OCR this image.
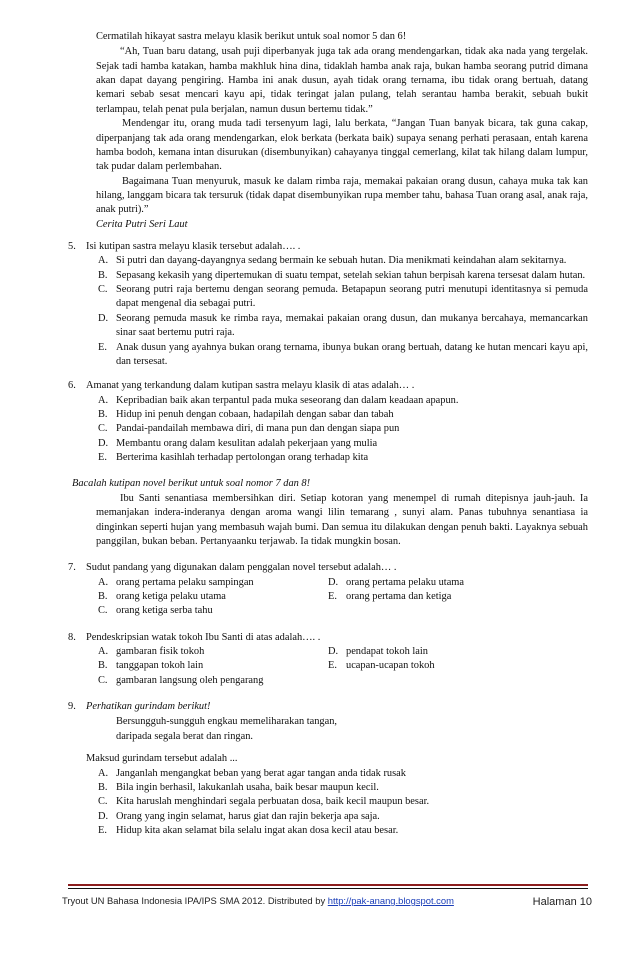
Cermatilah hikayat sastra melayu klasik berikut untuk soal nomor 5 dan 6!

“Ah, Tuan baru datang, usah puji diperbanyak juga tak ada orang mendengarkan, tidak aka nada yang tergelak. Sejak tadi hamba katakan, hamba makhluk hina dina, tidaklah hamba anak raja, bukan hamba seorang putrid dimana akan dapat dayang pengiring. Hamba ini anak dusun, ayah tidak orang ternama, ibu tidak orang bertuah, datang kemari sebab sesat mencari kayu api, tidak teringat jalan pulang, telah serantau hamba berakit, sebuah bukit terlampau, telah penat pula berjalan, namun dusun bertemu tidak.”

Mendengar itu, orang muda tadi tersenyum lagi, lalu berkata, “Jangan Tuan banyak bicara, tak guna cakap, diperpanjang tak ada orang mendengarkan, elok berkata (berkata baik) supaya senang perhati perasaan, entah karena hamba bodoh, kemana intan disurukan (disembunyikan) cahayanya tinggal cemerlang, kilat tak hilang dalam lumpur, tak pudar dalam perlembahan.

Bagaimana Tuan menyuruk, masuk ke dalam rimba raja, memakai pakaian orang dusun, cahaya muka tak kan hilang, langgam bicara tak tersuruk (tidak dapat disembunyikan rupa member tahu, bahasa Tuan orang asal, anak raja, anak putri).”

Cerita Putri Seri Laut

5. Isi kutipan sastra melayu klasik tersebut adalah…. .
A. Si putri dan dayang-dayangnya sedang bermain ke sebuah hutan. Dia menikmati keindahan alam sekitarnya.
B. Sepasang kekasih yang dipertemukan di suatu tempat, setelah sekian tahun berpisah karena tersesat dalam hutan.
C. Seorang putri raja bertemu dengan seorang pemuda. Betapapun seorang putri menutupi identitasnya si pemuda dapat mengenal dia sebagai putri.
D. Seorang pemuda masuk ke rimba raya, memakai pakaian orang dusun, dan mukanya bercahaya, memancarkan sinar saat bertemu putri raja.
E. Anak dusun yang ayahnya bukan orang ternama, ibunya bukan orang bertuah, datang ke hutan mencari kayu api, dan tersesat.
6. Amanat yang terkandung dalam kutipan sastra melayu klasik di atas adalah… .
A. Kepribadian baik akan terpantul pada muka seseorang dan dalam keadaan apapun.
B. Hidup ini penuh dengan cobaan, hadapilah dengan sabar dan tabah
C. Pandai-pandailah membawa diri, di mana pun dan dengan siapa pun
D. Membantu orang dalam kesulitan adalah pekerjaan yang mulia
E. Berterima kasihlah terhadap pertolongan orang terhadap kita
Bacalah kutipan novel berikut untuk soal nomor 7 dan 8!
Ibu Santi senantiasa membersihkan diri. Setiap kotoran yang menempel di rumah ditepisnya jauh-jauh. Ia memanjakan indera-inderanya dengan aroma wangi lilin temarang , sunyi alam. Panas tubuhnya senantiasa ia dinginkan seperti hujan yang membasuh wajah bumi. Dan semua itu dilakukan dengan penuh bakti. Layaknya sebuah panggilan, bukan beban. Pertanyaanku terjawab. Ia tidak mungkin bosan.
7. Sudut pandang yang digunakan dalam penggalan novel tersebut adalah… .
A. orang pertama pelaku sampingan	D. orang pertama pelaku utama
B. orang ketiga pelaku utama	E. orang pertama dan ketiga
C. orang ketiga serba tahu
8. Pendeskripsian watak tokoh Ibu Santi di atas adalah…. .
A. gambaran fisik tokoh	D. pendapat tokoh lain
B. tanggapan tokoh lain	E. ucapan-ucapan tokoh
C. gambaran langsung oleh pengarang
9. Perhatikan gurindam berikut!
Bersungguh-sungguh engkau memeliharakan tangan,
daripada segala berat dan ringan.
Maksud gurindam tersebut adalah ...
A. Janganlah mengangkat beban yang berat agar tangan anda tidak rusak
B. Bila ingin berhasil, lakukanlah usaha, baik besar maupun kecil.
C. Kita haruslah menghindari segala perbuatan dosa, baik kecil maupun besar.
D. Orang yang ingin selamat, harus giat dan rajin bekerja apa saja.
E. Hidup kita akan selamat bila selalu ingat akan dosa kecil atau besar.
Tryout UN Bahasa Indonesia IPA/IPS SMA 2012. Distributed by http://pak-anang.blogspot.com	Halaman 10
